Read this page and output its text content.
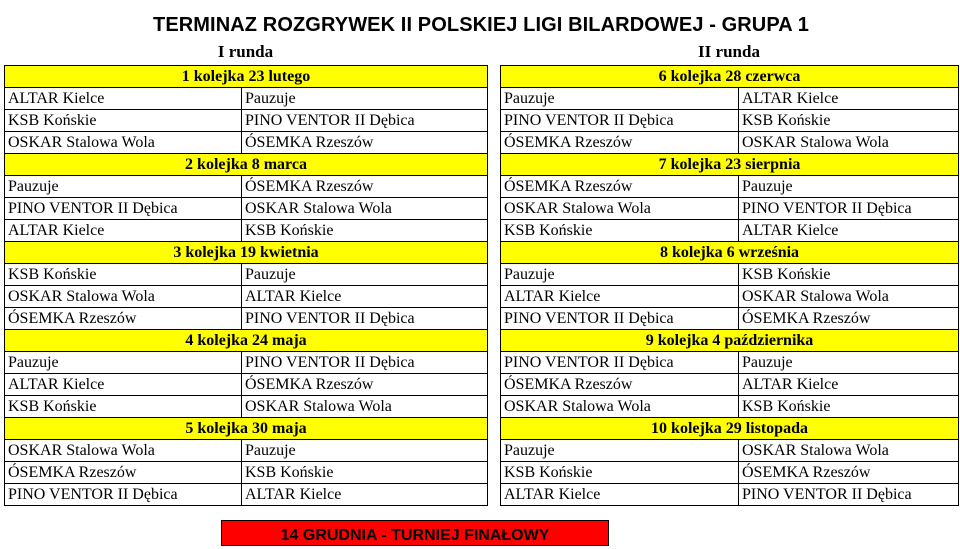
TERMINAZ ROZGRYWEK II POLSKIEJ LIGI BILARDOWEJ - GRUPA 1
I runda	II runda
1 kolejka 23 lutego	
ALTAR Kielce	Pauzuje
KSB Końskie	PINO VENTOR II Dębica
OSKAR Stalowa Wola	ÓSEMKA Rzeszów
2 kolejka 8 marca	
Pauzuje	ÓSEMKA Rzeszów
PINO VENTOR II Dębica	OSKAR Stalowa Wola
ALTAR Kielce	KSB Końskie
3 kolejka 19 kwietnia	
KSB Końskie	Pauzuje
OSKAR Stalowa Wola	ALTAR Kielce
ÓSEMKA Rzeszów	PINO VENTOR II Dębica
4 kolejka 24 maja	
Pauzuje	PINO VENTOR II Dębica
ALTAR Kielce	ÓSEMKA Rzeszów
KSB Końskie	OSKAR Stalowa Wola
5 kolejka 30 maja	
OSKAR Stalowa Wola	Pauzuje
ÓSEMKA Rzeszów	KSB Końskie
PINO VENTOR II Dębica	ALTAR Kielce
6 kolejka 28 czerwca	
Pauzuje	ALTAR Kielce
PINO VENTOR II Dębica	KSB Końskie
ÓSEMKA Rzeszów	OSKAR Stalowa Wola
7 kolejka 23 sierpnia	
ÓSEMKA Rzeszów	Pauzuje
OSKAR Stalowa Wola	PINO VENTOR II Dębica
KSB Końskie	ALTAR Kielce
8 kolejka 6 września	
Pauzuje	KSB Końskie
ALTAR Kielce	OSKAR Stalowa Wola
PINO VENTOR II Dębica	ÓSEMKA Rzeszów
9 kolejka 4 października	
PINO VENTOR II Dębica	Pauzuje
ÓSEMKA Rzeszów	ALTAR Kielce
OSKAR Stalowa Wola	KSB Końskie
10 kolejka 29 listopada	
Pauzuje	OSKAR Stalowa Wola
KSB Końskie	ÓSEMKA Rzeszów
ALTAR Kielce	PINO VENTOR II Dębica
14 GRUDNIA - TURNIEJ FINAŁOWY
